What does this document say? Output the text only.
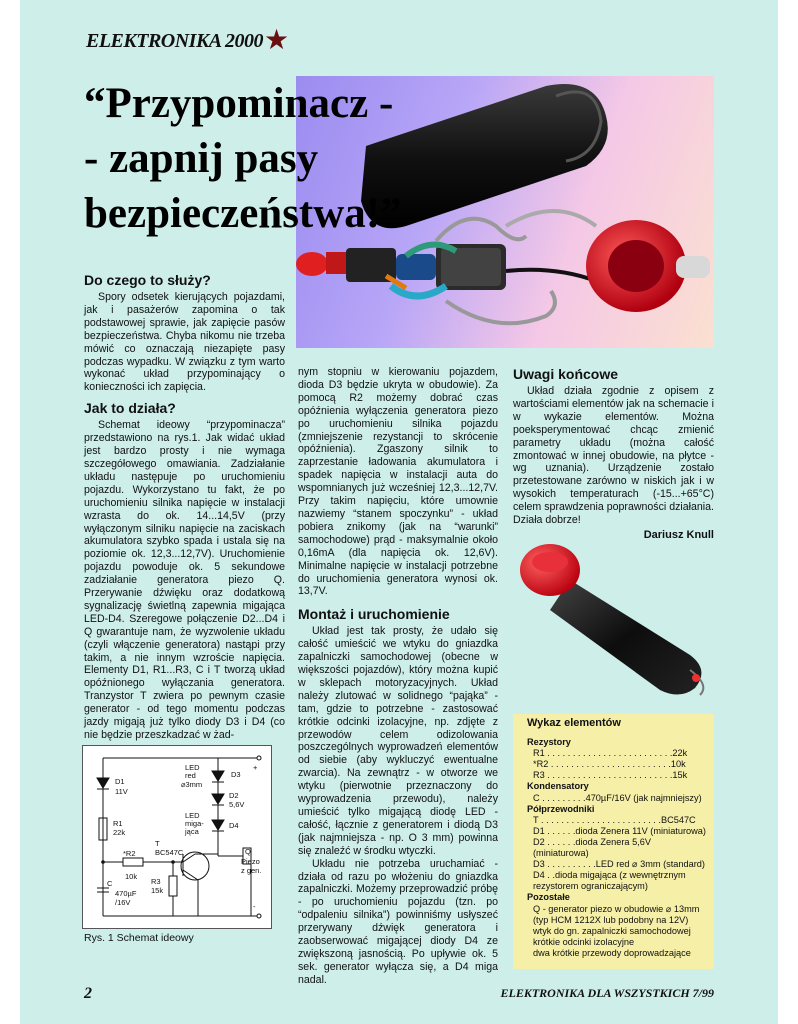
ELEKTRONIKA 2000 ★
“Przypominacz -
- zapnij pasy
bezpieczeństwa!”
Do czego to służy?

Spory odsetek kierujących pojazdami, jak i pasażerów zapomina o tak podstawowej sprawie, jak zapięcie pasów bezpieczeństwa. Chyba nikomu nie trzeba mówić co oznaczają niezapięte pasy podczas wypadku. W związku z tym warto wykonać układ przypominający o konieczności ich zapięcia.

Jak to działa?

Schemat ideowy “przypominacza” przedstawiono na rys.1. Jak widać układ jest bardzo prosty i nie wymaga szczegółowego omawiania. Zadziałanie układu następuje po uruchomieniu pojazdu. Wykorzystano tu fakt, że po uruchomieniu silnika napięcie w instalacji wzrasta do ok. 14...14,5V (przy wyłączonym silniku napięcie na zaciskach akumulatora szybko spada i ustala się na poziomie ok. 12,3...12,7V). Uruchomienie pojazdu powoduje ok. 5 sekundowe zadziałanie generatora piezo Q. Przerywanie dźwięku oraz dodatkową sygnalizację świetlną zapewnia migająca LED-D4. Szeregowe połączenie D2...D4 i Q gwarantuje nam, że wyzwolenie układu (czyli włączenie generatora) nastąpi przy takim, a nie innym wzroście napięcia. Elementy D1, R1...R3, C i T tworzą układ opóźnionego wyłączania generatora. Tranzystor T zwiera po pewnym czasie generator - od tego momentu podczas jazdy migają już tylko diody D3 i D4 (co nie będzie przeszkadzać w żad-

nym stopniu w kierowaniu pojazdem, dioda D3 będzie ukryta w obudowie). Za pomocą R2 możemy dobrać czas opóźnienia wyłączenia generatora piezo po uruchomieniu silnika pojazdu (zmniejszenie rezystancji to skrócenie opóźnienia). Zgaszony silnik to zaprzestanie ładowania akumulatora i spadek napięcia w instalacji auta do wspomnianych już wcześniej 12,3...12,7V. Przy takim napięciu, które umownie nazwiemy “stanem spoczynku” - układ pobiera znikomy (jak na “warunki” samochodowe) prąd - maksymalnie około 0,16mA (dla napięcia ok. 12,6V). Minimalne napięcie w instalacji potrzebne do uruchomienia generatora wynosi ok. 13,7V.

Montaż i uruchomienie

Układ jest tak prosty, że udało się całość umieścić we wtyku do gniazdka zapalniczki samochodowej (obecne w większości pojazdów), który można kupić w sklepach motoryzacyjnych. Układ należy zlutować w solidnego “pająka” - tam, gdzie to potrzebne - zastosować krótkie odcinki izolacyjne, np. zdjęte z przewodów celem odizolowania poszczególnych wyprowadzeń elementów od siebie (aby wykluczyć ewentualne zwarcia). Na zewnątrz - w otworze we wtyku (pierwotnie przeznaczony do wyprowadzenia przewodu), należy umieścić tylko migającą diodę LED - całość, łącznie z generatorem i diodą D3 (jak najmniejsza - np. O 3 mm) powinna się znaleźć w środku wtyczki.

Układu nie potrzeba uruchamiać - działa od razu po włożeniu do gniazdka zapalniczki. Możemy przeprowadzić próbę - po uruchomieniu pojazdu (tzn. po “odpaleniu silnika”) powinniśmy usłyszeć przerywany dźwięk generatora i zaobserwować migającej diody D4 ze zwiększoną jasnością. Po upływie ok. 5 sek. generator wyłącza się, a D4 miga nadal.

Uwagi końcowe

Układ działa zgodnie z opisem z wartościami elementów jak na schemacie i w wykazie elementów. Można poeksperymentować chcąc zmienić parametry układu (można całość zmontować w innej obudowie, na płytce - wg uznania). Urządzenie zostało przetestowane zarówno w niskich jak i w wysokich temperaturach (-15...+65°C) celem sprawdzenia poprawności działania. Działa dobrze!

Dariusz Knull
D1
11V
R1
22k
*R2
10k
C
470µF
/16V
LED
red
⌀3mm
D3
D2
5,6V
LED
miga-
jąca
D4
T
BC547C
R3
15k
Q
Piezo
z gen.
+
-
Rys. 1 Schemat ideowy
Wykaz elementów
Rezystory
R1 . . . . . . . . . . . . . . . . . . . . . . . . .22k
*R2 . . . . . . . . . . . . . . . . . . . . . . . .10k
R3 . . . . . . . . . . . . . . . . . . . . . . . . .15k
Kondensatory
C . . . . . . . . .470µF/16V (jak najmniejszy)
Półprzewodniki
T . . . . . . . . . . . . . . . . . . . . . . . .BC547C
D1 . . . . . .dioda Zenera 11V (miniaturowa)
D2 . . . . . .dioda Zenera 5,6V (miniaturowa)
D3 . . . . . . . . . .LED red ⌀ 3mm (standard)
D4 . .dioda migająca (z wewnętrznym rezystorem ograniczającym)
Pozostałe
Q - generator piezo w obudowie ⌀ 13mm (typ HCM 1212X lub podobny na 12V)
wtyk do gn. zapalniczki samochodowej
krótkie odcinki izolacyjne
dwa krótkie przewody doprowadzające
2	ELEKTRONIKA DLA WSZYSTKICH 7/99
